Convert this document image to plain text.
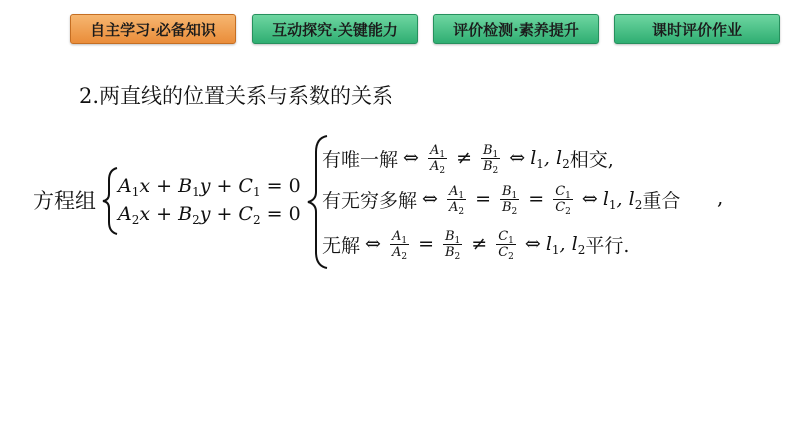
自主学习·必备知识	互动探究·关键能力	评价检测·素养提升	课时评价作业
2.两直线的位置关系与系数的关系
方程组
$A_1x + B_1y + C_1 = 0$
$A_2x + B_2y + C_2 = 0$
有唯一解 ⇔ $\frac{A_1}{A_2} \ne \frac{B_1}{B_2}$ ⇔ $l_1$, $l_2$ 相交,
有无穷多解 ⇔ $\frac{A_1}{A_2} = \frac{B_1}{B_2} = \frac{C_1}{C_2}$ ⇔ $l_1$, $l_2$ 重合
无解 ⇔ $\frac{A_1}{A_2} = \frac{B_1}{B_2} \ne \frac{C_1}{C_2}$ ⇔ $l_1$, $l_2$ 平行.
,
